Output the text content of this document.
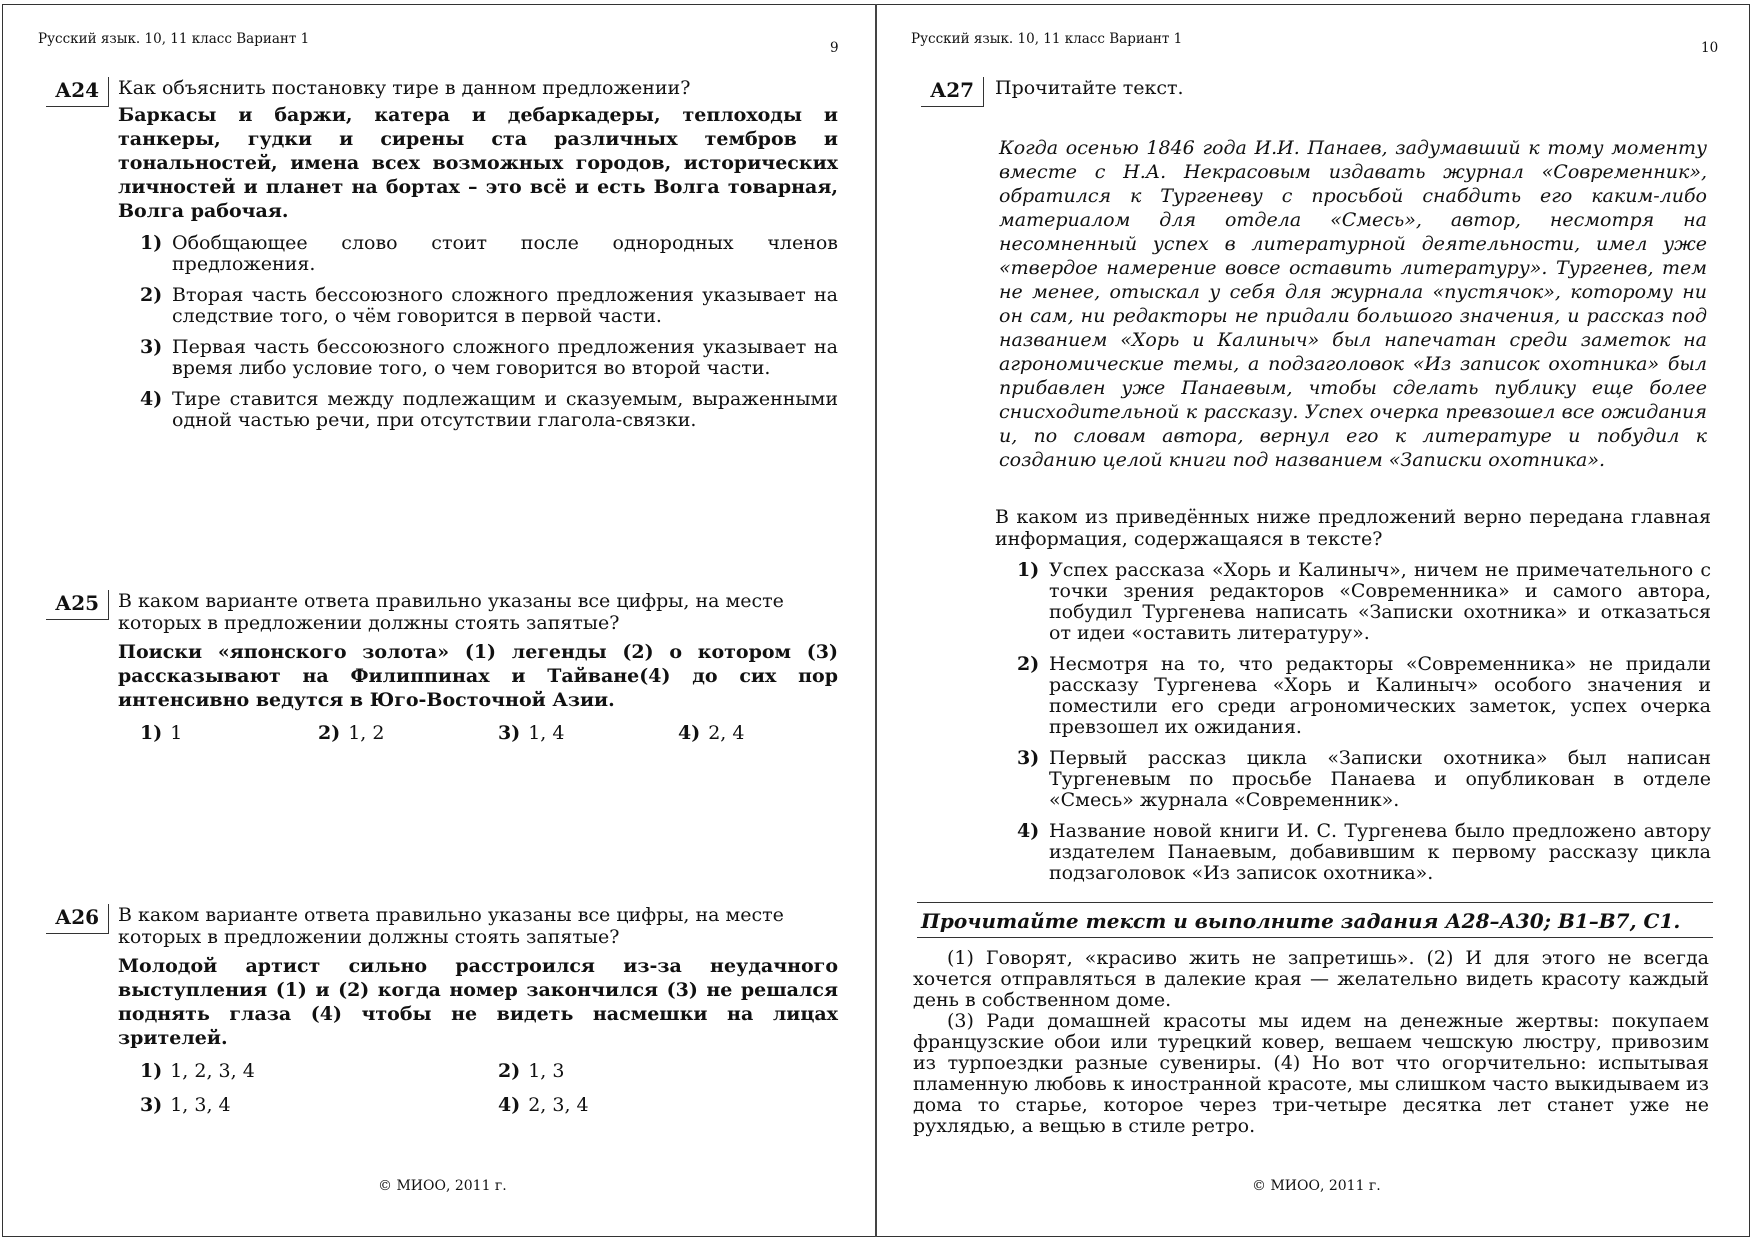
Русский язык. 10, 11 класс Вариант 1
9
А24 Как объяснить постановку тире в данном предложении?
Баркасы и баржи, катера и дебаркадеры, теплоходы и танкеры, гудки и сирены ста различных тембров и тональностей, имена всех возможных городов, исторических личностей и планет на бортах – это всё и есть Волга товарная, Волга рабочая.
1) Обобщающее слово стоит после однородных членов предложения.
2) Вторая часть бессоюзного сложного предложения указывает на следствие того, о чём говорится в первой части.
3) Первая часть бессоюзного сложного предложения указывает на время либо условие того, о чем говорится во второй части.
4) Тире ставится между подлежащим и сказуемым, выраженными одной частью речи, при отсутствии глагола-связки.
А25 В каком варианте ответа правильно указаны все цифры, на месте которых в предложении должны стоять запятые?
Поиски «японского золота» (1) легенды (2) о котором (3) рассказывают на Филиппинах и Тайване(4) до сих пор интенсивно ведутся в Юго-Восточной Азии.
1) 1	2) 1, 2	3) 1, 4	4) 2, 4
А26 В каком варианте ответа правильно указаны все цифры, на месте которых в предложении должны стоять запятые?
Молодой артист сильно расстроился из-за неудачного выступления (1) и (2) когда номер закончился (3) не решался поднять глаза (4) чтобы не видеть насмешки на лицах зрителей.
1) 1, 2, 3, 4	2) 1, 3
3) 1, 3, 4	4) 2, 3, 4
© МИОО, 2011 г.
Русский язык. 10, 11 класс Вариант 1
10
А27	Прочитайте текст.
Когда осенью 1846 года И.И. Панаев, задумавший к тому моменту вместе с Н.А. Некрасовым издавать журнал «Современник», обратился к Тургеневу с просьбой снабдить его каким-либо материалом для отдела «Смесь», автор, несмотря на несомненный успех в литературной деятельности, имел уже «твердое намерение вовсе оставить литературу». Тургенев, тем не менее, отыскал у себя для журнала «пустячок», которому ни он сам, ни редакторы не придали большого значения, и рассказ под названием «Хорь и Калиныч» был напечатан среди заметок на агрономические темы, а подзаголовок «Из записок охотника» был прибавлен уже Панаевым, чтобы сделать публику еще более снисходительной к рассказу. Успех очерка превзошел все ожидания и, по словам автора, вернул его к литературе и побудил к созданию целой книги под названием «Записки охотника».
В каком из приведённых ниже предложений верно передана главная информация, содержащаяся в тексте?
1) Успех рассказа «Хорь и Калиныч», ничем не примечательного с точки зрения редакторов «Современника» и самого автора, побудил Тургенева написать «Записки охотника» и отказаться от идеи «оставить литературу».
2) Несмотря на то, что редакторы «Современника» не придали рассказу Тургенева «Хорь и Калиныч» особого значения и поместили его среди агрономических заметок, успех очерка превзошел их ожидания.
3) Первый рассказ цикла «Записки охотника» был написан Тургеневым по просьбе Панаева и опубликован в отделе «Смесь» журнала «Современник».
4) Название новой книги И. С. Тургенева было предложено автору издателем Панаевым, добавившим к первому рассказу цикла подзаголовок «Из записок охотника».
Прочитайте текст и выполните задания А28–А30; В1–В7, С1.
(1) Говорят, «красиво жить не запретишь». (2) И для этого не всегда хочется отправляться в далекие края — желательно видеть красоту каждый день в собственном доме.
(3) Ради домашней красоты мы идем на денежные жертвы: покупаем французские обои или турецкий ковер, вешаем чешскую люстру, привозим из турпоездки разные сувениры. (4) Но вот что огорчительно: испытывая пламенную любовь к иностранной красоте, мы слишком часто выкидываем из дома то старье, которое через три-четыре десятка лет станет уже не рухлядью, а вещью в стиле ретро.
© МИОО, 2011 г.
